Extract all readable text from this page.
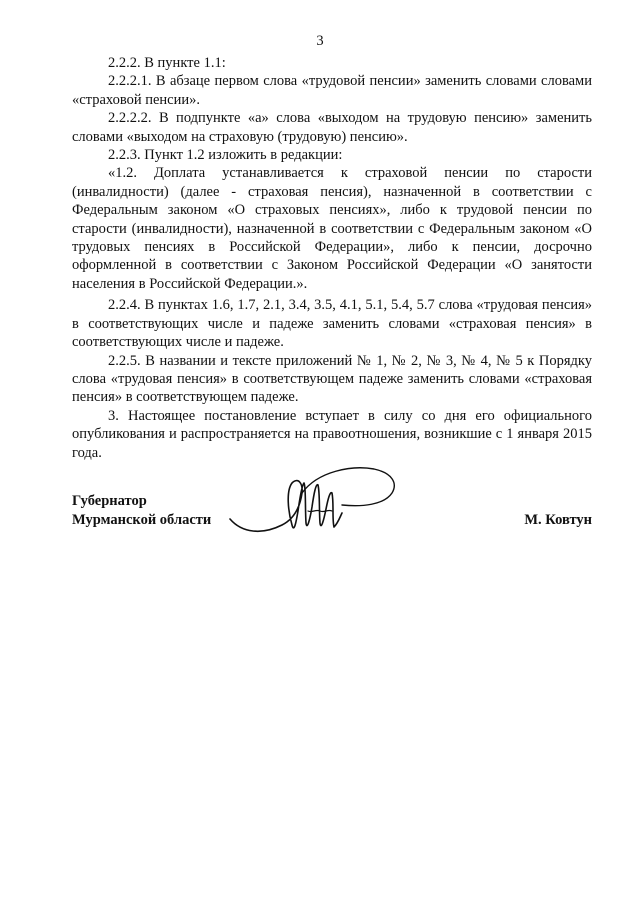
3

2.2.2. В пункте 1.1:

2.2.2.1. В абзаце первом слова «трудовой пенсии» заменить словами словами «страховой пенсии».

2.2.2.2. В подпункте «а» слова «выходом на трудовую пенсию» заменить словами «выходом на страховую (трудовую) пенсию».

2.2.3. Пункт 1.2 изложить в редакции:

«1.2. Доплата устанавливается к страховой пенсии по старости (инвалидности) (далее - страховая пенсия), назначенной в соответствии с Федеральным законом «О страховых пенсиях», либо к трудовой пенсии по старости (инвалидности), назначенной в соответствии с Федеральным законом «О трудовых пенсиях в Российской Федерации», либо к пенсии, досрочно оформленной в соответствии с Законом Российской Федерации «О занятости населения в Российской Федерации.».

2.2.4. В пунктах 1.6, 1.7, 2.1, 3.4, 3.5, 4.1, 5.1, 5.4, 5.7 слова «трудовая пенсия» в соответствующих числе и падеже заменить словами «страховая пенсия» в соответствующих числе и падеже.

2.2.5. В названии и тексте приложений № 1, № 2, № 3, № 4, № 5 к Порядку слова «трудовая пенсия» в соответствующем падеже заменить словами «страховая пенсия» в соответствующем падеже.

3. Настоящее постановление вступает в силу со дня его официального опубликования и распространяется на правоотношения, возникшие с 1 января 2015 года.

Губернатор
Мурманской области	М. Ковтун
